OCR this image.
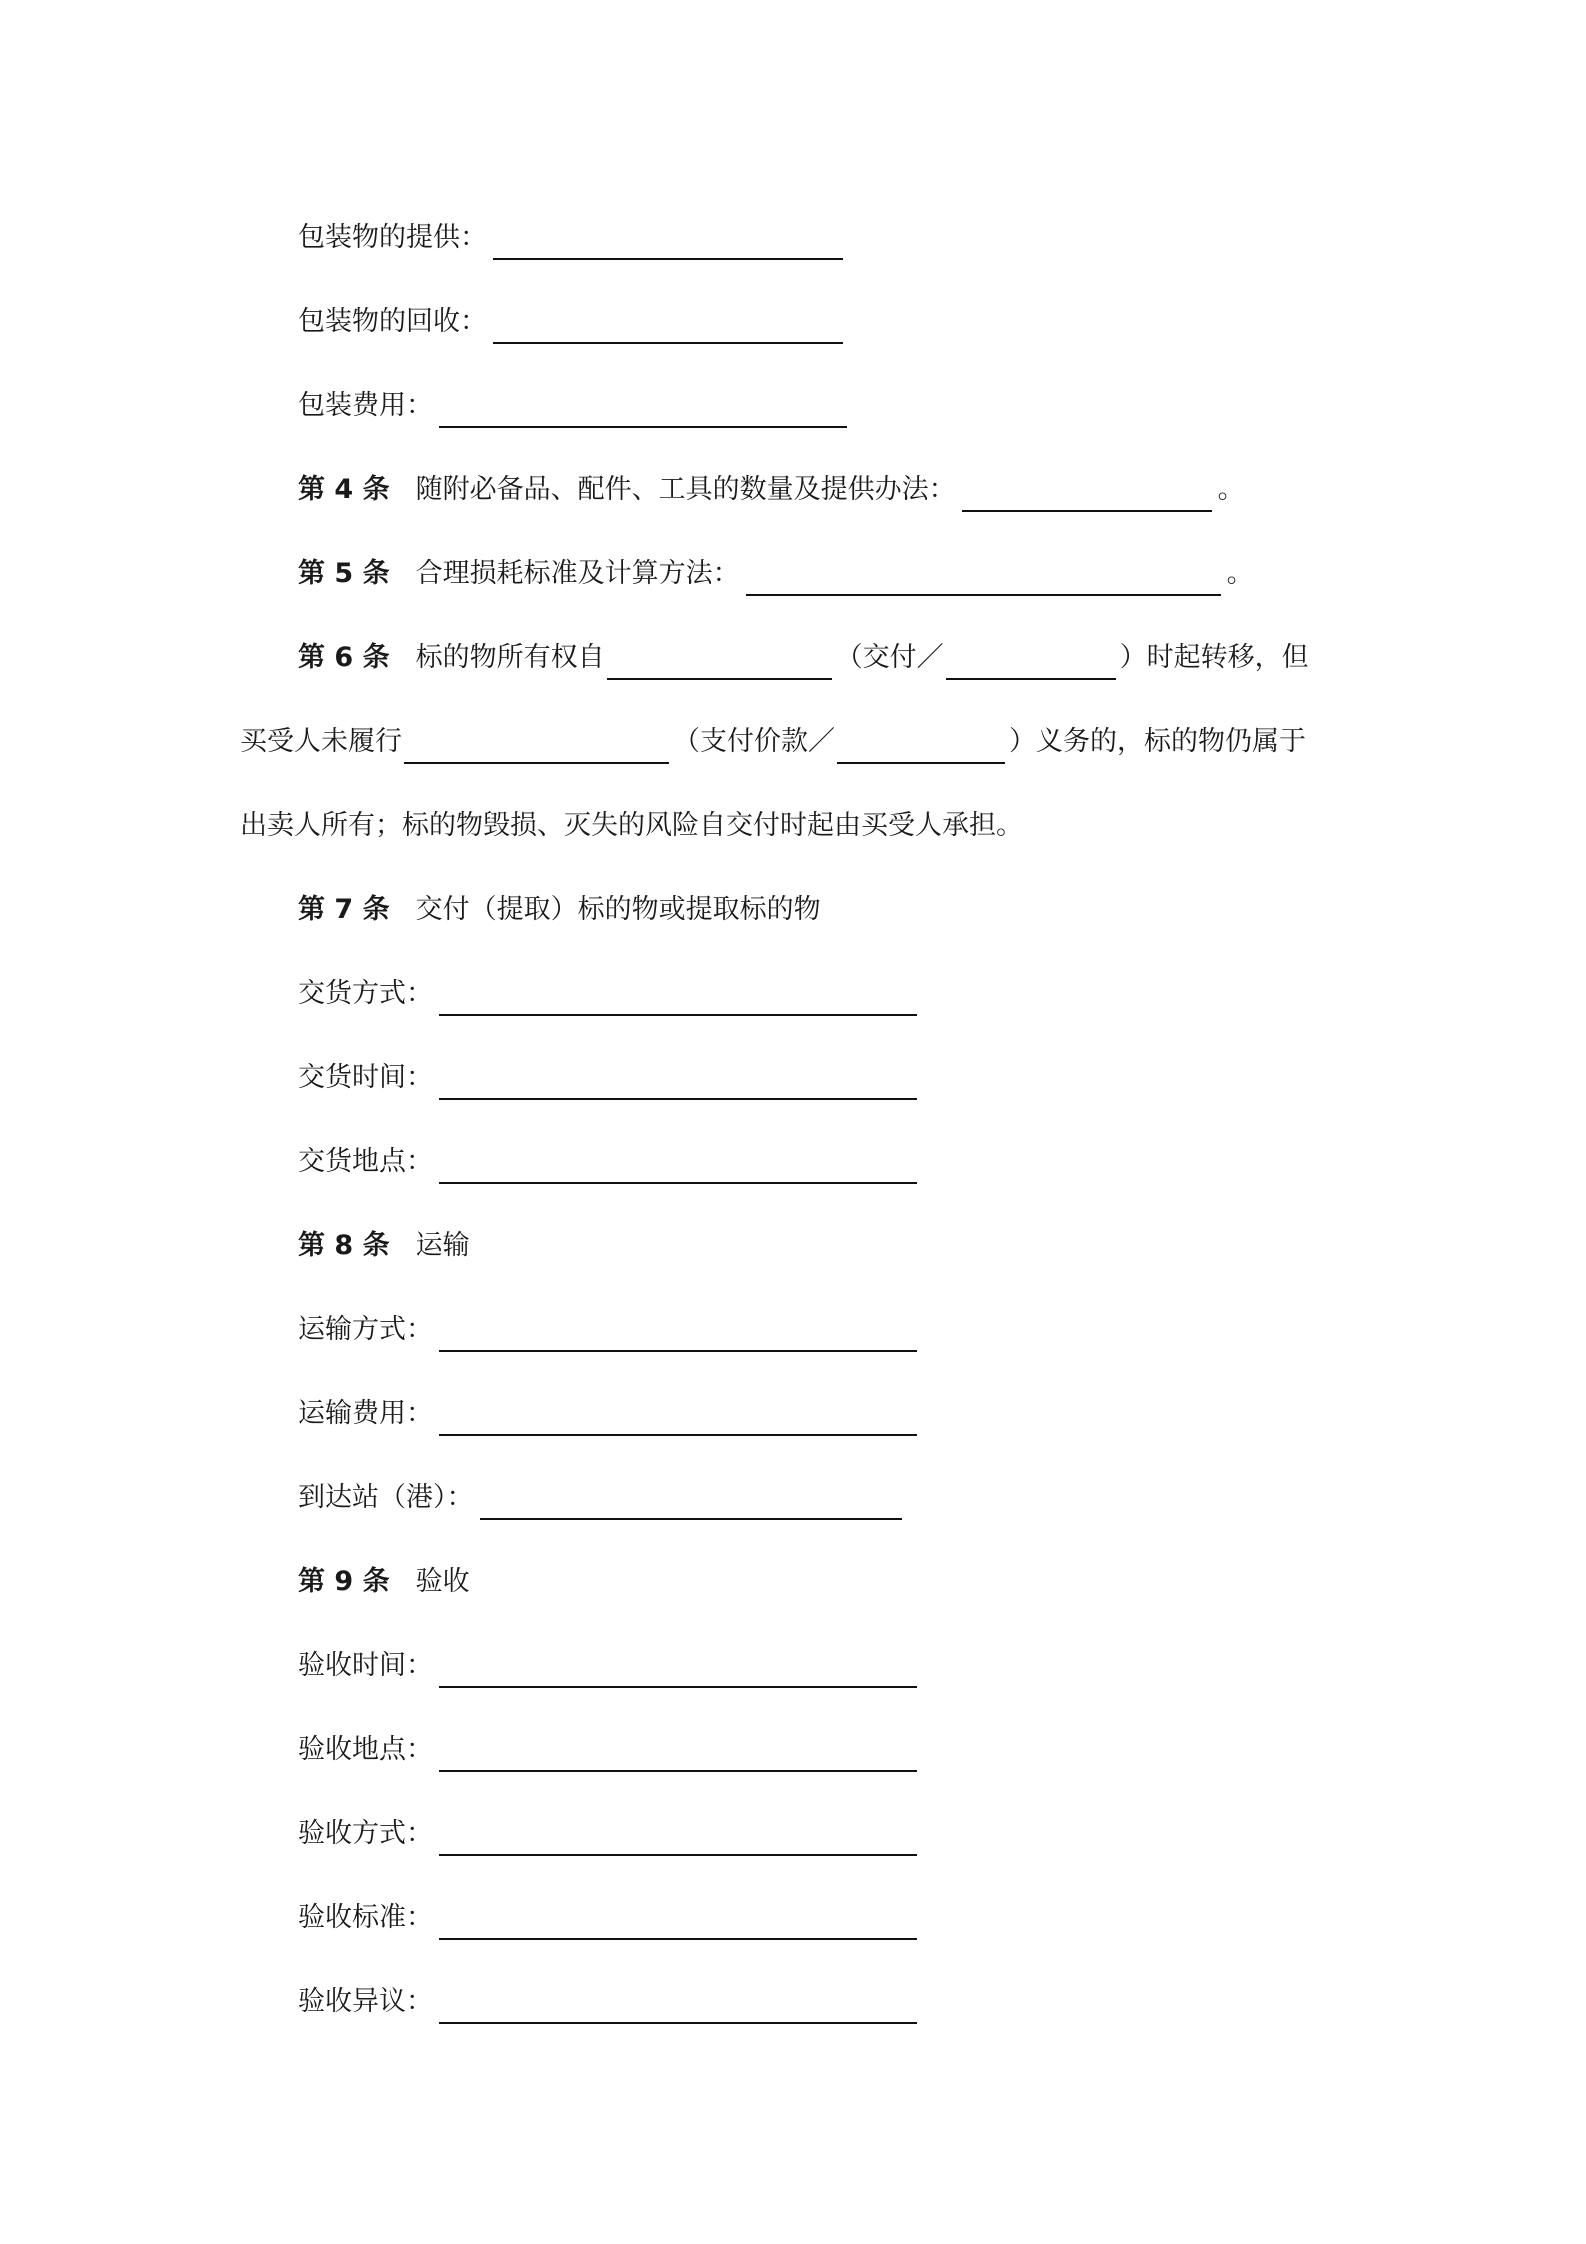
包装物的提供：
包装物的回收：
包装费用：
第 4 条 随附必备品、配件、工具的数量及提供办法：	。
第 5 条 合理损耗标准及计算方法：	。
第 6 条 标的物所有权自	（交付／	）时起转移，但
买受人未履行	（支付价款／	）义务的，标的物仍属于
出卖人所有；标的物毁损、灭失的风险自交付时起由买受人承担。
第 7 条 交付（提取）标的物或提取标的物
交货方式：
交货时间：
交货地点：
第 8 条 运输
运输方式：
运输费用：
到达站（港）：
第 9 条 验收
验收时间：
验收地点：
验收方式：
验收标准：
验收异议：
